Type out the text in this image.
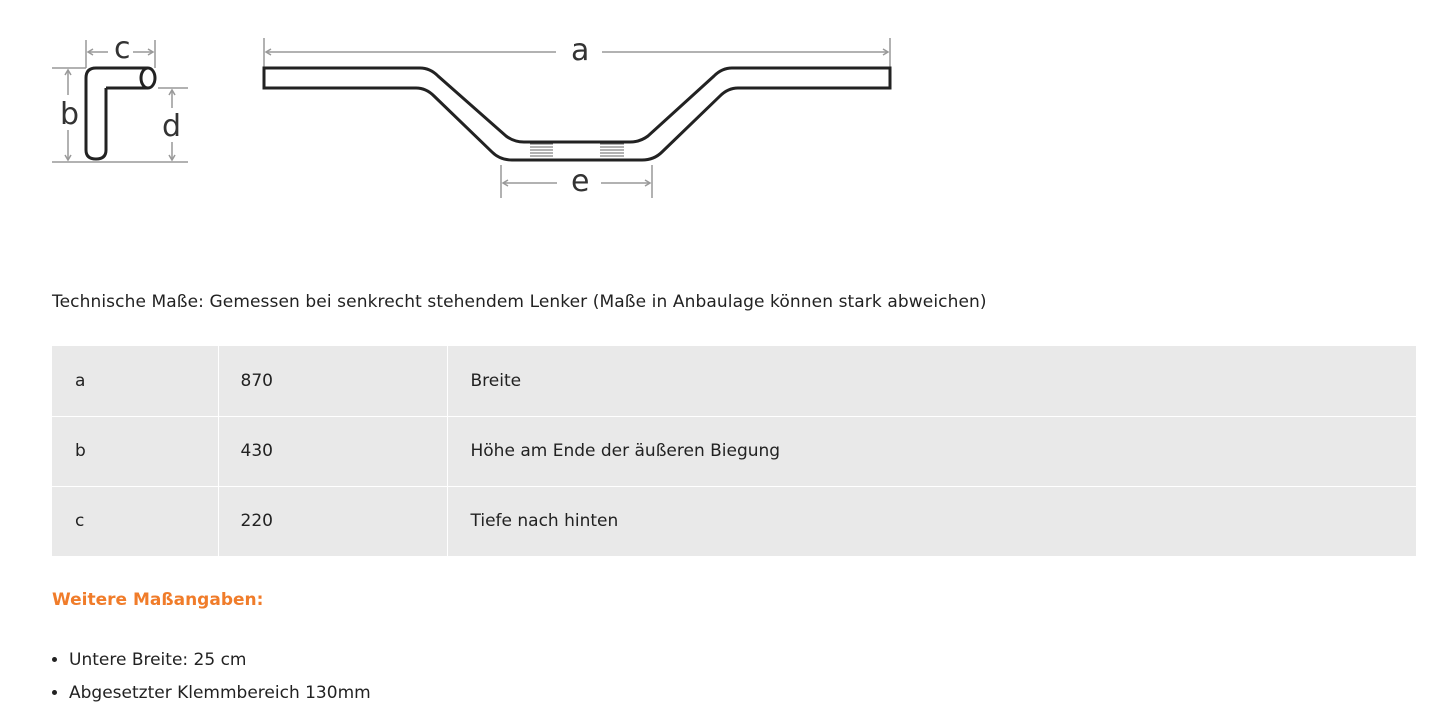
c
b	d
a
e
Technische Maße: Gemessen bei senkrecht stehendem Lenker (Maße in Anbaulage können stark abweichen)
a	870	Breite
b	430	Höhe am Ende der äußeren Biegung
c	220	Tiefe nach hinten
Weitere Maßangaben:
• Untere Breite: 25 cm
• Abgesetzter Klemmbereich 130mm
